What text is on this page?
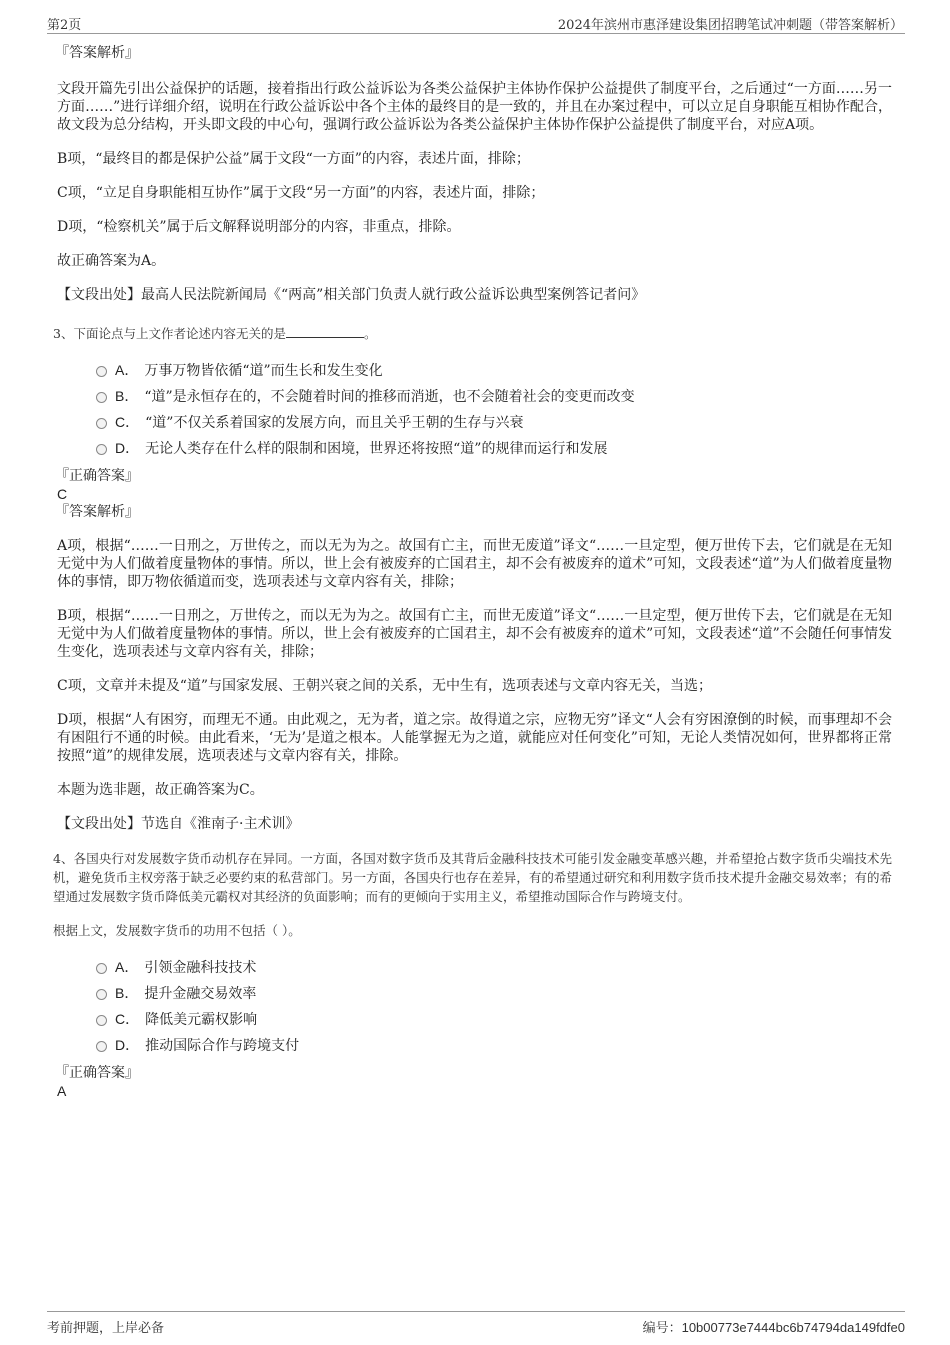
第2页	2024年滨州市惠泽建设集团招聘笔试冲刺题（带答案解析）
『答案解析』

文段开篇先引出公益保护的话题，接着指出行政公益诉讼为各类公益保护主体协作保护公益提供了制度平台，之后通过“一方面……另一方面……”进行详细介绍，说明在行政公益诉讼中各个主体的最终目的是一致的，并且在办案过程中，可以立足自身职能互相协作配合，故文段为总分结构，开头即文段的中心句，强调行政公益诉讼为各类公益保护主体协作保护公益提供了制度平台，对应A项。

B项，“最终目的都是保护公益”属于文段“一方面”的内容，表述片面，排除；

C项，“立足自身职能相互协作”属于文段“另一方面”的内容，表述片面，排除；

D项，“检察机关”属于后文解释说明部分的内容，非重点，排除。

故正确答案为A。

【文段出处】最高人民法院新闻局《“两高”相关部门负责人就行政公益诉讼典型案例答记者问》

3、下面论点与上文作者论述内容无关的是	。

A． 万事万物皆依循“道”而生长和发生变化
B． “道”是永恒存在的，不会随着时间的推移而消逝，也不会随着社会的变更而改变
C． “道”不仅关系着国家的发展方向，而且关乎王朝的生存与兴衰
D． 无论人类存在什么样的限制和困境，世界还将按照“道”的规律而运行和发展
『正确答案』
C
『答案解析』

A项，根据“……一日刑之，万世传之，而以无为为之。故国有亡主，而世无废道”译文“……一旦定型，便万世传下去，它们就是在无知无觉中为人们做着度量物体的事情。所以，世上会有被废弃的亡国君主，却不会有被废弃的道术”可知，文段表述“道”为人们做着度量物体的事情，即万物依循道而变，选项表述与文章内容有关，排除；

B项，根据“……一日刑之，万世传之，而以无为为之。故国有亡主，而世无废道”译文“……一旦定型，便万世传下去，它们就是在无知无觉中为人们做着度量物体的事情。所以，世上会有被废弃的亡国君主，却不会有被废弃的道术”可知，文段表述“道”不会随任何事情发生变化，选项表述与文章内容有关，排除；

C项，文章并未提及“道”与国家发展、王朝兴衰之间的关系，无中生有，选项表述与文章内容无关，当选；

D项，根据“人有困穷，而理无不通。由此观之，无为者，道之宗。故得道之宗，应物无穷”译文“人会有穷困潦倒的时候，而事理却不会有困阻行不通的时候。由此看来，‘无为’是道之根本。人能掌握无为之道，就能应对任何变化”可知，无论人类情况如何，世界都将正常按照“道”的规律发展，选项表述与文章内容有关，排除。

本题为选非题，故正确答案为C。

【文段出处】节选自《淮南子·主术训》

4、各国央行对发展数字货币动机存在异同。一方面，各国对数字货币及其背后金融科技技术可能引发金融变革感兴趣，并希望抢占数字货币尖端技术先机，避免货币主权旁落于缺乏必要约束的私营部门。另一方面，各国央行也存在差异，有的希望通过研究和利用数字货币技术提升金融交易效率；有的希望通过发展数字货币降低美元霸权对其经济的负面影响；而有的更倾向于实用主义，希望推动国际合作与跨境支付。

根据上文，发展数字货币的功用不包括（ ）。

A． 引领金融科技技术
B． 提升金融交易效率
C． 降低美元霸权影响
D． 推动国际合作与跨境支付
『正确答案』
A
考前押题，上岸必备	编号：10b00773e7444bc6b74794da149fdfe0
